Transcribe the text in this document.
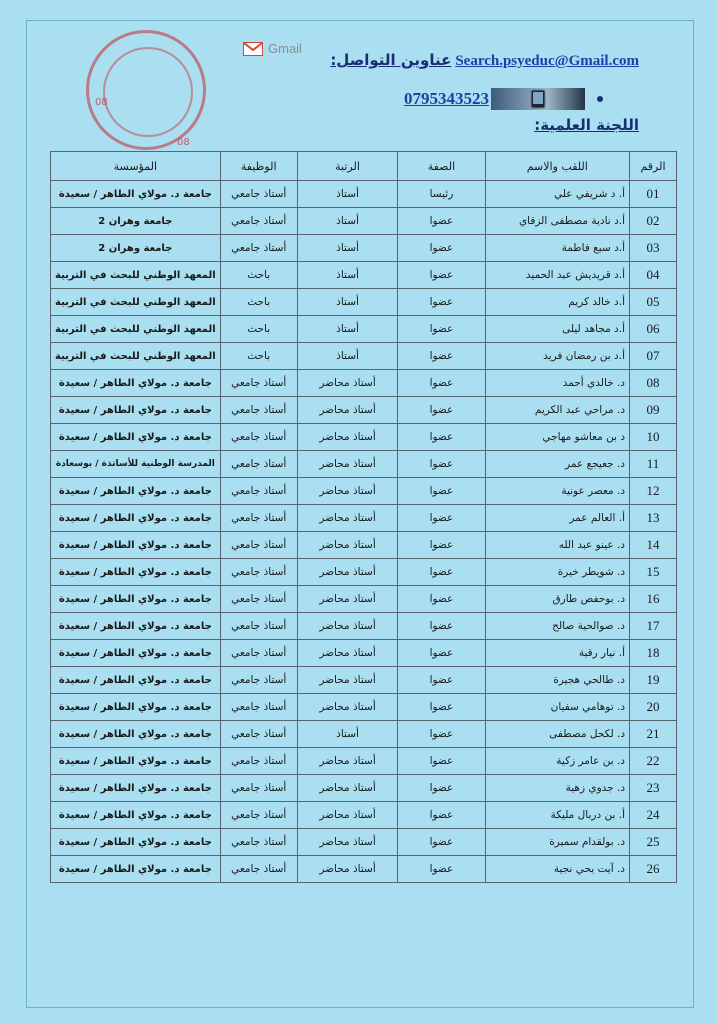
08
08
Gmail
عناوين التواصل: Search.psyeduc@Gmail.com
0795343523
اللجنة العلمية:
الرقم	اللقب والاسم	الصفة	الرتبة	الوظيفة	المؤسسة
01	أ. د شريفي علي	رئيسا	أستاذ	أستاذ جامعي	جامعة د. مولاي الطاهر / سعيدة
02	أ.د نادية مصطفى الزقاي	عضوا	أستاذ	أستاذ جامعي	جامعة وهران 2
03	أ.د سبع فاطمة	عضوا	أستاذ	أستاذ جامعي	جامعة وهران 2
04	أ.د قريديش عبد الحميد	عضوا	أستاذ	باحث	المعهد الوطني للبحث في التربية
05	أ.د خالد كريم	عضوا	أستاذ	باحث	المعهد الوطني للبحث في التربية
06	أ.د مجاهد ليلى	عضوا	أستاذ	باحث	المعهد الوطني للبحث في التربية
07	أ.د بن رمضان فريد	عضوا	أستاذ	باحث	المعهد الوطني للبحث في التربية
08	د. خالدي أحمد	عضوا	أستاذ محاضر	أستاذ جامعي	جامعة د. مولاي الطاهر / سعيدة
09	د. مراحي عبد الكريم	عضوا	أستاذ محاضر	أستاذ جامعي	جامعة د. مولاي الطاهر / سعيدة
10	د بن معاشو مهاجي	عضوا	أستاذ محاضر	أستاذ جامعي	جامعة د. مولاي الطاهر / سعيدة
11	د. جعيجع عمر	عضوا	أستاذ محاضر	أستاذ جامعي	المدرسة الوطنية للأساتذة / بوسعادة
12	د. معصر عونية	عضوا	أستاذ محاضر	أستاذ جامعي	جامعة د. مولاي الطاهر / سعيدة
13	أ. العالم عمر	عضوا	أستاذ محاضر	أستاذ جامعي	جامعة د. مولاي الطاهر / سعيدة
14	د. عينو عبد الله	عضوا	أستاذ محاضر	أستاذ جامعي	جامعة د. مولاي الطاهر / سعيدة
15	د. شويطر خيرة	عضوا	أستاذ محاضر	أستاذ جامعي	جامعة د. مولاي الطاهر / سعيدة
16	د. بوحفص طارق	عضوا	أستاذ محاضر	أستاذ جامعي	جامعة د. مولاي الطاهر / سعيدة
17	د. صوالحية صالح	عضوا	أستاذ محاضر	أستاذ جامعي	جامعة د. مولاي الطاهر / سعيدة
18	أ. نيار رقية	عضوا	أستاذ محاضر	أستاذ جامعي	جامعة د. مولاي الطاهر / سعيدة
19	د. طالحي هجيرة	عضوا	أستاذ محاضر	أستاذ جامعي	جامعة د. مولاي الطاهر / سعيدة
20	د. توهامي سفيان	عضوا	أستاذ محاضر	أستاذ جامعي	جامعة د. مولاي الطاهر / سعيدة
21	د. لكحل مصطفى	عضوا	أستاذ	أستاذ جامعي	جامعة د. مولاي الطاهر / سعيدة
22	د. بن عامر زكية	عضوا	أستاذ محاضر	أستاذ جامعي	جامعة د. مولاي الطاهر / سعيدة
23	د. جدوي زهية	عضوا	أستاذ محاضر	أستاذ جامعي	جامعة د. مولاي الطاهر / سعيدة
24	أ. بن دربال مليكة	عضوا	أستاذ محاضر	أستاذ جامعي	جامعة د. مولاي الطاهر / سعيدة
25	د. بولقدام سميرة	عضوا	أستاذ محاضر	أستاذ جامعي	جامعة د. مولاي الطاهر / سعيدة
26	د. آيت يحي نجية	عضوا	أستاذ محاضر	أستاذ جامعي	جامعة د. مولاي الطاهر / سعيدة
